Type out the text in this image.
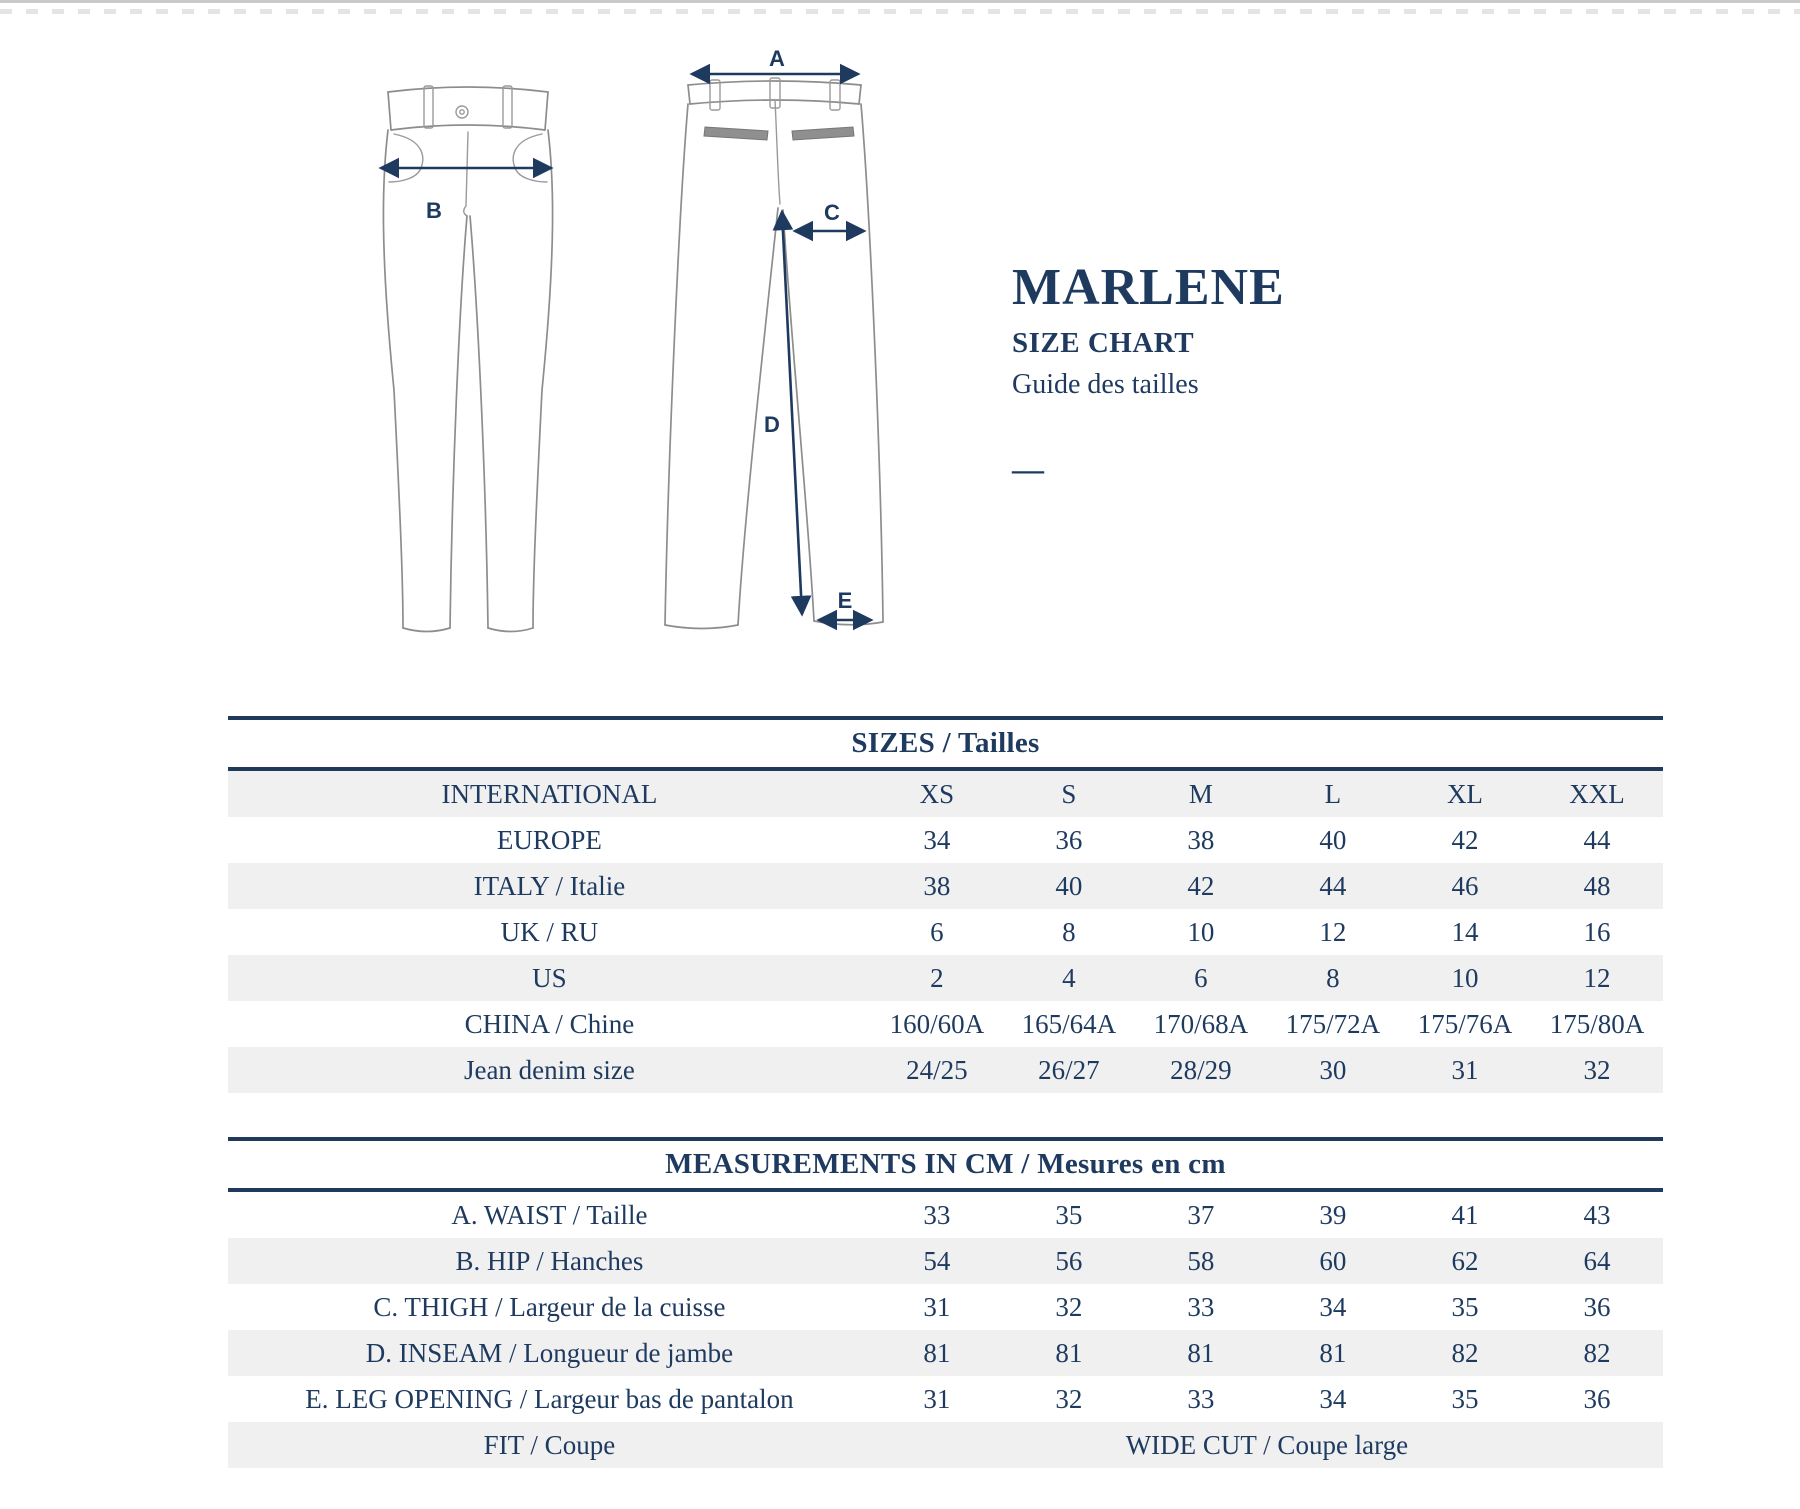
B
A
C
D
E
MARLENE
SIZE CHART
Guide des tailles
—
SIZES / Tailles
INTERNATIONAL	XS	S	M	L	XL	XXL
EUROPE	34	36	38	40	42	44
ITALY / Italie	38	40	42	44	46	48
UK / RU	6	8	10	12	14	16
US	2	4	6	8	10	12
CHINA / Chine	160/60A	165/64A	170/68A	175/72A	175/76A	175/80A
Jean denim size	24/25	26/27	28/29	30	31	32
MEASUREMENTS IN CM / Mesures en cm
A. WAIST / Taille	33	35	37	39	41	43
B. HIP / Hanches	54	56	58	60	62	64
C. THIGH / Largeur de la cuisse	31	32	33	34	35	36
D. INSEAM / Longueur de jambe	81	81	81	81	82	82
E. LEG OPENING / Largeur bas de pantalon	31	32	33	34	35	36
FIT / Coupe	WIDE CUT / Coupe large					
